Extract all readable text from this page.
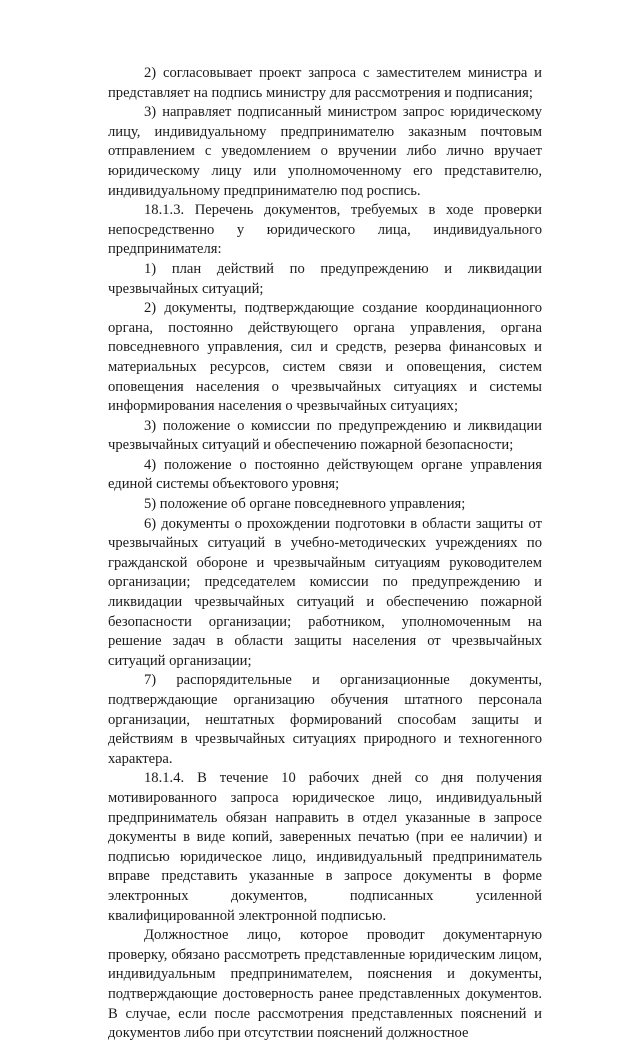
2) согласовывает проект запроса с заместителем министра и представляет на подпись министру для рассмотрения и подписания;

3) направляет подписанный министром запрос юридическому лицу, индивидуальному предпринимателю заказным почтовым отправлением с уведомлением о вручении либо лично вручает юридическому лицу или уполномоченному его представителю, индивидуальному предпринимателю под роспись.

18.1.3. Перечень документов, требуемых в ходе проверки непосредственно у юридического лица, индивидуального предпринимателя:

1) план действий по предупреждению и ликвидации чрезвычайных ситуаций;

2) документы, подтверждающие создание координационного органа, постоянно действующего органа управления, органа повседневного управления, сил и средств, резерва финансовых и материальных ресурсов, систем связи и оповещения, систем оповещения населения о чрезвычайных ситуациях и системы информирования населения о чрезвычайных ситуациях;

3) положение о комиссии по предупреждению и ликвидации чрезвычайных ситуаций и обеспечению пожарной безопасности;

4) положение о постоянно действующем органе управления единой системы объектового уровня;

5) положение об органе повседневного управления;

6) документы о прохождении подготовки в области защиты от чрезвычайных ситуаций в учебно-методических учреждениях по гражданской обороне и чрезвычайным ситуациям руководителем организации; председателем комиссии по предупреждению и ликвидации чрезвычайных ситуаций и обеспечению пожарной безопасности организации; работником, уполномоченным на решение задач в области защиты населения от чрезвычайных ситуаций организации;

7) распорядительные и организационные документы, подтверждающие организацию обучения штатного персонала организации, нештатных формирований способам защиты и действиям в чрезвычайных ситуациях природного и техногенного характера.

18.1.4. В течение 10 рабочих дней со дня получения мотивированного запроса юридическое лицо, индивидуальный предприниматель обязан направить в отдел указанные в запросе документы в виде копий, заверенных печатью (при ее наличии) и подписью юридическое лицо, индивидуальный предприниматель вправе представить указанные в запросе документы в форме электронных документов, подписанных усиленной квалифицированной электронной подписью.

Должностное лицо, которое проводит документарную проверку, обязано рассмотреть представленные юридическим лицом, индивидуальным предпринимателем, пояснения и документы, подтверждающие достоверность ранее представленных документов. В случае, если после рассмотрения представленных пояснений и документов либо при отсутствии пояснений должностное
